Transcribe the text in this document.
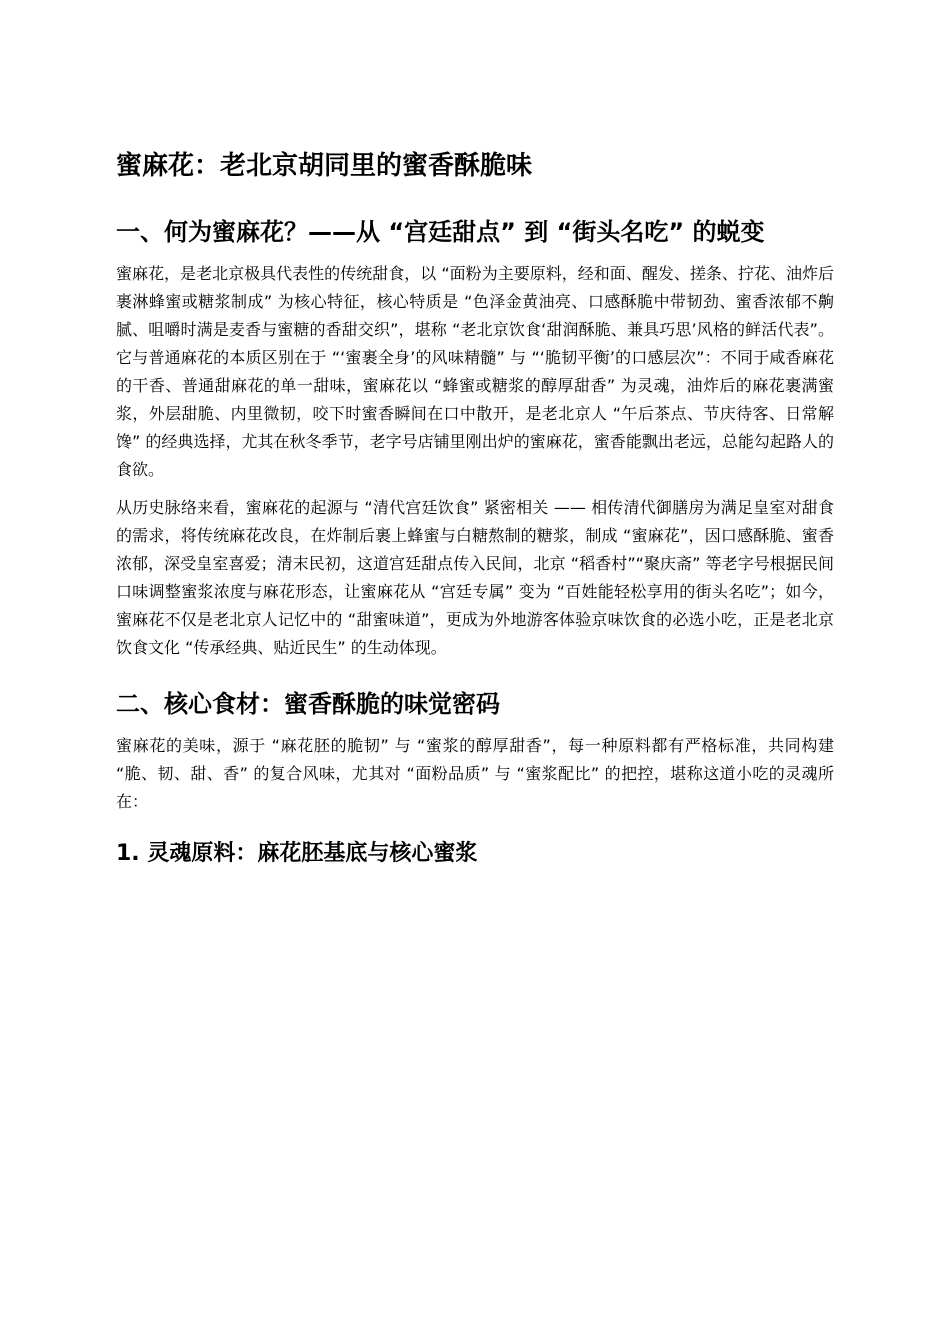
蜜麻花：老北京胡同里的蜜香酥脆味
一、何为蜜麻花？——从 “宫廷甜点” 到 “街头名吃” 的蜕变

蜜麻花，是老北京极具代表性的传统甜食，以 “面粉为主要原料，经和面、醒发、搓条、拧花、油炸后裹淋蜂蜜或糖浆制成” 为核心特征，核心特质是 “色泽金黄油亮、口感酥脆中带韧劲、蜜香浓郁不齁腻、咀嚼时满是麦香与蜜糖的香甜交织”，堪称 “老北京饮食‘甜润酥脆、兼具巧思’风格的鲜活代表”。它与普通麻花的本质区别在于 “‘蜜裹全身’的风味精髓” 与 “‘脆韧平衡’的口感层次”：不同于咸香麻花的干香、普通甜麻花的单一甜味，蜜麻花以 “蜂蜜或糖浆的醇厚甜香” 为灵魂，油炸后的麻花裹满蜜浆，外层甜脆、内里微韧，咬下时蜜香瞬间在口中散开，是老北京人 “午后茶点、节庆待客、日常解馋” 的经典选择，尤其在秋冬季节，老字号店铺里刚出炉的蜜麻花，蜜香能飘出老远，总能勾起路人的食欲。

从历史脉络来看，蜜麻花的起源与 “清代宫廷饮食” 紧密相关 —— 相传清代御膳房为满足皇室对甜食的需求，将传统麻花改良，在炸制后裹上蜂蜜与白糖熬制的糖浆，制成 “蜜麻花”，因口感酥脆、蜜香浓郁，深受皇室喜爱；清末民初，这道宫廷甜点传入民间，北京 “稻香村”“聚庆斋” 等老字号根据民间口味调整蜜浆浓度与麻花形态，让蜜麻花从 “宫廷专属” 变为 “百姓能轻松享用的街头名吃”；如今，蜜麻花不仅是老北京人记忆中的 “甜蜜味道”，更成为外地游客体验京味饮食的必选小吃，正是老北京饮食文化 “传承经典、贴近民生” 的生动体现。

二、核心食材：蜜香酥脆的味觉密码

蜜麻花的美味，源于 “麻花胚的脆韧” 与 “蜜浆的醇厚甜香”，每一种原料都有严格标准，共同构建 “脆、韧、甜、香” 的复合风味，尤其对 “面粉品质” 与 “蜜浆配比” 的把控，堪称这道小吃的灵魂所在：

1. 灵魂原料：麻花胚基底与核心蜜浆
